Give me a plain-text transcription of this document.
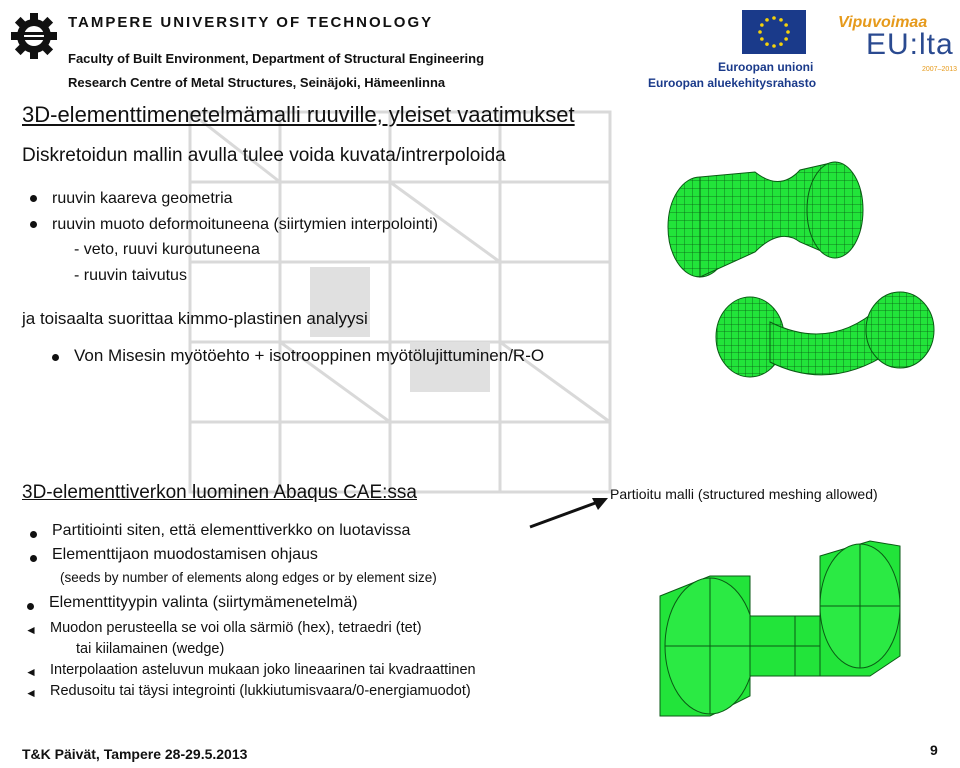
TAMPERE UNIVERSITY OF TECHNOLOGY
Faculty of Built Environment, Department of Structural Engineering
Research Centre of Metal Structures, Seinäjoki, Hämeenlinna
Euroopan unioni
Euroopan aluekehitysrahasto
Vipuvoimaa
EU:lta
2007–2013
3D-elementtimenetelmämalli ruuville, yleiset vaatimukset
Diskretoidun mallin avulla tulee voida kuvata/intrerpoloida
ruuvin kaareva geometria
ruuvin muoto deformoituneena (siirtymien interpolointi)
- veto, ruuvi kuroutuneena
- ruuvin taivutus
ja toisaalta suorittaa kimmo-plastinen analyysi
Von Misesin myötöehto + isotrooppinen myötölujittuminen/R-O
3D-elementtiverkon luominen Abaqus CAE:ssa	Partioitu malli (structured meshing allowed)
Partitiointi siten, että elementtiverkko on luotavissa
Elementtijaon muodostamisen ohjaus
(seeds by number of elements along edges or by element size)
Elementtityypin valinta (siirtymämenetelmä)
◄ Muodon perusteella se voi olla särmiö (hex), tetraedri (tet)
tai kiilamainen (wedge)
◄ Interpolaation asteluvun mukaan joko lineaarinen tai kvadraattinen
◄ Redusoitu tai täysi integrointi (lukkiutumisvaara/0-energiamuodot)
T&K Päivät, Tampere 28-29.5.2013	9
